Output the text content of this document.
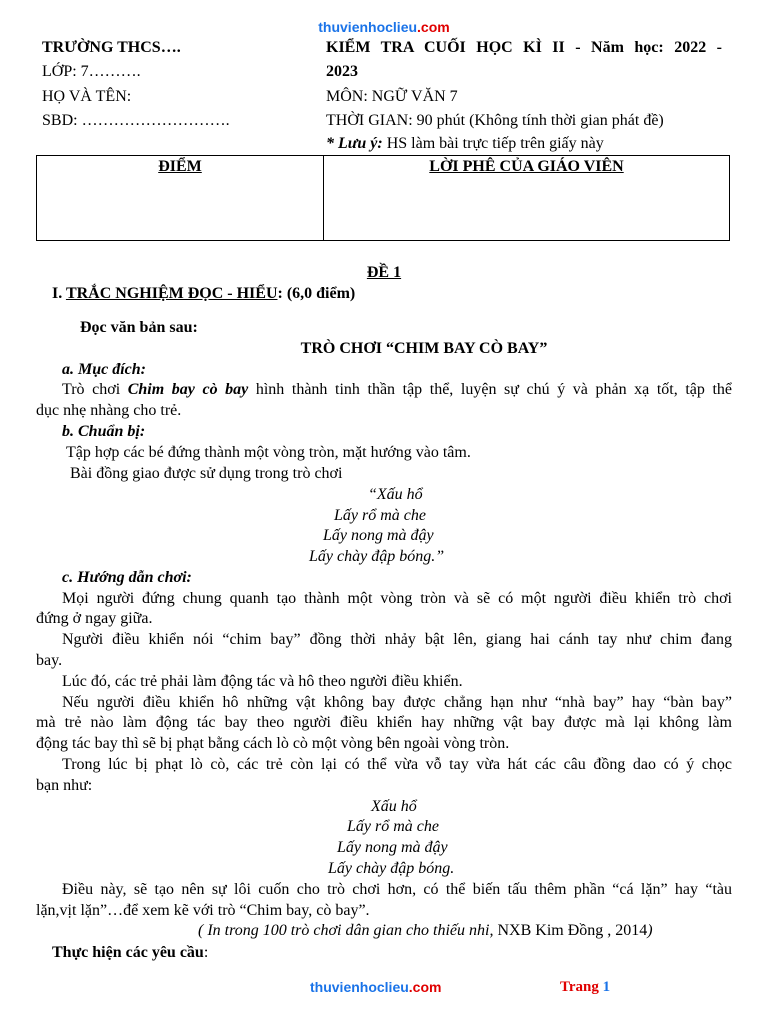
thuvienhoclieu.com
TRƯỜNG THCS….
LỚP: 7……….
HỌ VÀ TÊN:
SBD: ……………………….
KIỂM TRA CUỐI HỌC KÌ II - Năm học: 2022 -
2023
MÔN: NGỮ VĂN 7
THỜI GIAN: 90 phút (Không tính thời gian phát đề)
* Lưu ý: HS làm bài trực tiếp trên giấy này
ĐIỂM	LỜI PHÊ CỦA GIÁO VIÊN
ĐỀ 1
I. TRẮC NGHIỆM ĐỌC - HIỂU: (6,0 điểm)
Đọc văn bản sau:
TRÒ CHƠI “CHIM BAY CÒ BAY”
a. Mục đích:
Trò chơi Chim bay cò bay hình thành tinh thần tập thể, luyện sự chú ý và phản xạ tốt, tập thể
dục nhẹ nhàng cho trẻ.
b. Chuẩn bị:
Tập hợp các bé đứng thành một vòng tròn, mặt hướng vào tâm.
Bài đồng giao được sử dụng trong trò chơi
“Xấu hổ
Lấy rổ mà che
Lấy nong mà đậy
Lấy chày đập bóng.”
c. Hướng dẫn chơi:
Mọi người đứng chung quanh tạo thành một vòng tròn và sẽ có một người điều khiển trò chơi
đứng ở ngay giữa.
Người điều khiển nói “chim bay” đồng thời nhảy bật lên, giang hai cánh tay như chim đang
bay.
Lúc đó, các trẻ phải làm động tác và hô theo người điều khiển.
Nếu người điều khiển hô những vật không bay được chẳng hạn như “nhà bay” hay “bàn bay”
mà trẻ nào làm động tác bay theo người điều khiển hay những vật bay được mà lại không làm
động tác bay thì sẽ bị phạt bằng cách lò cò một vòng bên ngoài vòng tròn.
Trong lúc bị phạt lò cò, các trẻ còn lại có thể vừa vỗ tay vừa hát các câu đồng dao có ý chọc
bạn như:
Xấu hổ
Lấy rổ mà che
Lấy nong mà đậy
Lấy chày đập bóng.
Điều này, sẽ tạo nên sự lôi cuốn cho trò chơi hơn, có thể biến tấu thêm phần “cá lặn” hay “tàu
lặn,vịt lặn”…để xem kẽ với trò “Chim bay, cò bay”.
( In trong 100 trò chơi dân gian cho thiếu nhi, NXB Kim Đồng , 2014)
Thực hiện các yêu cầu:
thuvienhoclieu.com	Trang 1
